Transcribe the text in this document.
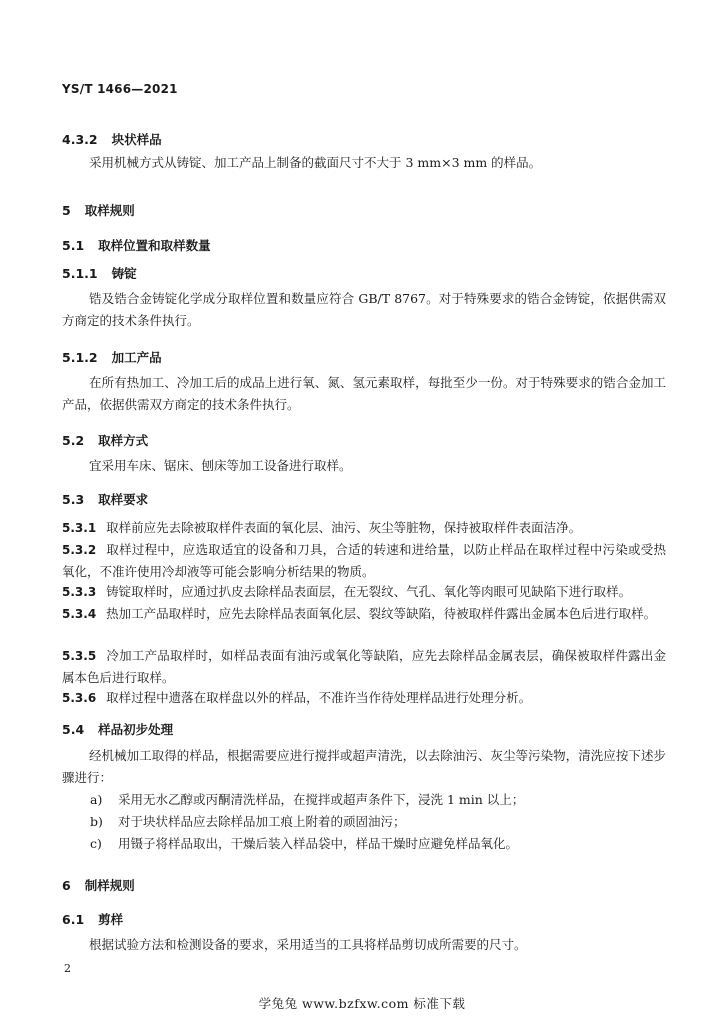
YS/T 1466—2021
4.3.2 块状样品

采用机械方式从铸锭、加工产品上制备的截面尺寸不大于 3 mm×3 mm 的样品。

5 取样规则
5.1 取样位置和取样数量
5.1.1 铸锭

锆及锆合金铸锭化学成分取样位置和数量应符合 GB/T 8767。对于特殊要求的锆合金铸锭，依据供需双方商定的技术条件执行。

5.1.2 加工产品

在所有热加工、冷加工后的成品上进行氧、氮、氢元素取样，每批至少一份。对于特殊要求的锆合金加工产品，依据供需双方商定的技术条件执行。

5.2 取样方式

宜采用车床、锯床、刨床等加工设备进行取样。

5.3 取样要求

5.3.1 取样前应先去除被取样件表面的氧化层、油污、灰尘等脏物，保持被取样件表面洁净。

5.3.2 取样过程中，应选取适宜的设备和刀具，合适的转速和进给量，以防止样品在取样过程中污染或受热氧化，不准许使用冷却液等可能会影响分析结果的物质。

5.3.3 铸锭取样时，应通过扒皮去除样品表面层，在无裂纹、气孔、氧化等肉眼可见缺陷下进行取样。

5.3.4 热加工产品取样时，应先去除样品表面氧化层、裂纹等缺陷，待被取样件露出金属本色后进行取样。

5.3.5 冷加工产品取样时，如样品表面有油污或氧化等缺陷，应先去除样品金属表层，确保被取样件露出金属本色后进行取样。

5.3.6 取样过程中遗落在取样盘以外的样品，不准许当作待处理样品进行处理分析。

5.4 样品初步处理

经机械加工取得的样品，根据需要应进行搅拌或超声清洗，以去除油污、灰尘等污染物，清洗应按下述步骤进行：

a) 采用无水乙醇或丙酮清洗样品，在搅拌或超声条件下，浸洗 1 min 以上；

b) 对于块状样品应去除样品加工痕上附着的顽固油污；

c) 用镊子将样品取出，干燥后装入样品袋中，样品干燥时应避免样品氧化。

6 制样规则
6.1 剪样

根据试验方法和检测设备的要求，采用适当的工具将样品剪切成所需要的尺寸。

2
学兔兔 www.bzfxw.com 标准下载
